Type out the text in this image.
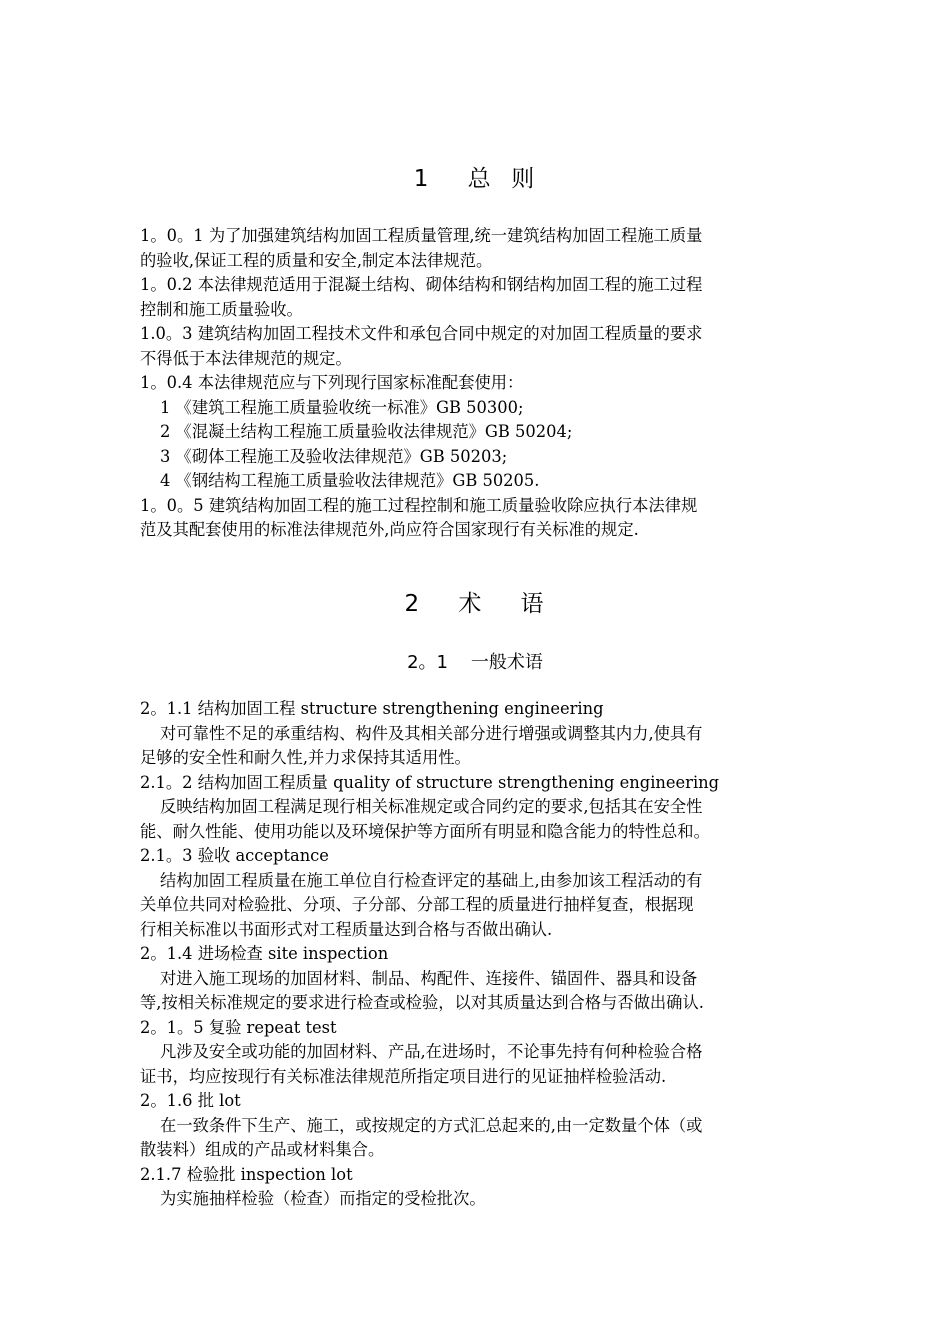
1    总  则
1。0。1 为了加强建筑结构加固工程质量管理,统一建筑结构加固工程施工质量
的验收,保证工程的质量和安全,制定本法律规范。
1。0.2 本法律规范适用于混凝土结构、砌体结构和钢结构加固工程的施工过程
控制和施工质量验收。
1.0。3 建筑结构加固工程技术文件和承包合同中规定的对加固工程质量的要求
不得低于本法律规范的规定。
1。0.4 本法律规范应与下列现行国家标准配套使用：
1 《建筑工程施工质量验收统一标准》GB 50300;
2 《混凝土结构工程施工质量验收法律规范》GB 50204;
3 《砌体工程施工及验收法律规范》GB 50203;
4 《钢结构工程施工质量验收法律规范》GB 50205.
1。0。5 建筑结构加固工程的施工过程控制和施工质量验收除应执行本法律规
范及其配套使用的标准法律规范外,尚应符合国家现行有关标准的规定.
2    术    语
2。1    一般术语
2。1.1 结构加固工程 structure strengthening engineering
对可靠性不足的承重结构、构件及其相关部分进行增强或调整其内力,使具有
足够的安全性和耐久性,并力求保持其适用性。
2.1。2 结构加固工程质量 quality of structure strengthening engineering
反映结构加固工程满足现行相关标准规定或合同约定的要求,包括其在安全性
能、耐久性能、使用功能以及环境保护等方面所有明显和隐含能力的特性总和。
2.1。3 验收 acceptance
结构加固工程质量在施工单位自行检查评定的基础上,由参加该工程活动的有
关单位共同对检验批、分项、子分部、分部工程的质量进行抽样复查，根据现
行相关标准以书面形式对工程质量达到合格与否做出确认.
2。1.4 进场检查 site inspection
对进入施工现场的加固材料、制品、构配件、连接件、锚固件、器具和设备
等,按相关标准规定的要求进行检查或检验，以对其质量达到合格与否做出确认.
2。1。5 复验 repeat test
凡涉及安全或功能的加固材料、产品,在进场时，不论事先持有何种检验合格
证书，均应按现行有关标准法律规范所指定项目进行的见证抽样检验活动.
2。1.6 批 lot
在一致条件下生产、施工，或按规定的方式汇总起来的,由一定数量个体（或
散装料）组成的产品或材料集合。
2.1.7 检验批 inspection lot
为实施抽样检验（检查）而指定的受检批次。
